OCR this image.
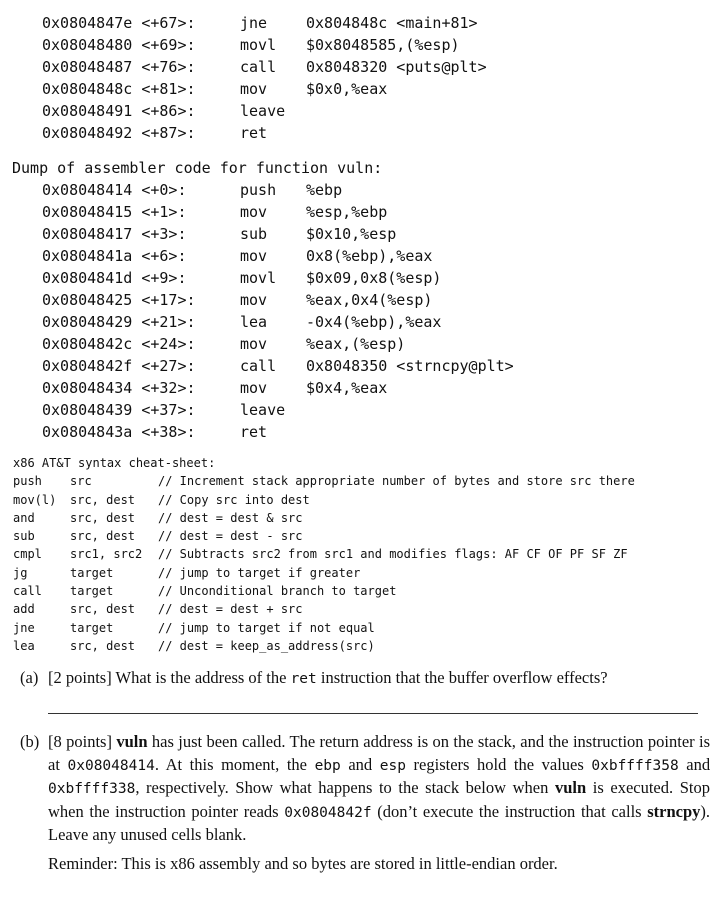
0x0804847e <+67>:	jne	0x804848c <main+81>
0x08048480 <+69>:	movl $0x8048585,(%esp)
0x08048487 <+76>:	call 0x8048320 <puts@plt>
0x0804848c <+81>:	mov	$0x0,%eax
0x08048491 <+86>:	leave
0x08048492 <+87>:	ret
Dump of assembler code for function vuln:
0x08048414 <+0>:	push %ebp
0x08048415 <+1>:	mov	%esp,%ebp
0x08048417 <+3>:	sub	$0x10,%esp
0x0804841a <+6>:	mov	0x8(%ebp),%eax
0x0804841d <+9>:	movl $0x09,0x8(%esp)
0x08048425 <+17>:	mov	%eax,0x4(%esp)
0x08048429 <+21>:	lea	-0x4(%ebp),%eax
0x0804842c <+24>:	mov	%eax,(%esp)
0x0804842f <+27>:	call 0x8048350 <strncpy@plt>
0x08048434 <+32>:	mov	$0x4,%eax
0x08048439 <+37>:	leave
0x0804843a <+38>:	ret
x86 AT&T syntax cheat-sheet:
push src	// Increment stack appropriate number of bytes and store src there
mov(l) src, dest // Copy src into dest
and	src, dest // dest = dest & src
sub	src, dest // dest = dest - src
cmpl src1, src2 // Subtracts src2 from src1 and modifies flags: AF CF OF PF SF ZF
jg	target	// jump to target if greater
call target	// Unconditional branch to target
add	src, dest // dest = dest + src
jne	target	// jump to target if not equal
lea	src, dest // dest = keep_as_address(src)
(a) [2 points] What is the address of the ret instruction that the buffer overflow effects?
(b) [8 points] vuln has just been called. The return address is on the stack, and the instruction pointer is at 0x08048414. At this moment, the ebp and esp registers hold the values 0xbffff358 and 0xbffff338, respectively. Show what happens to the stack below when vuln is executed. Stop when the instruction pointer reads 0x0804842f (don’t execute the instruction that calls strncpy). Leave any unused cells blank.
Reminder: This is x86 assembly and so bytes are stored in little-endian order.
